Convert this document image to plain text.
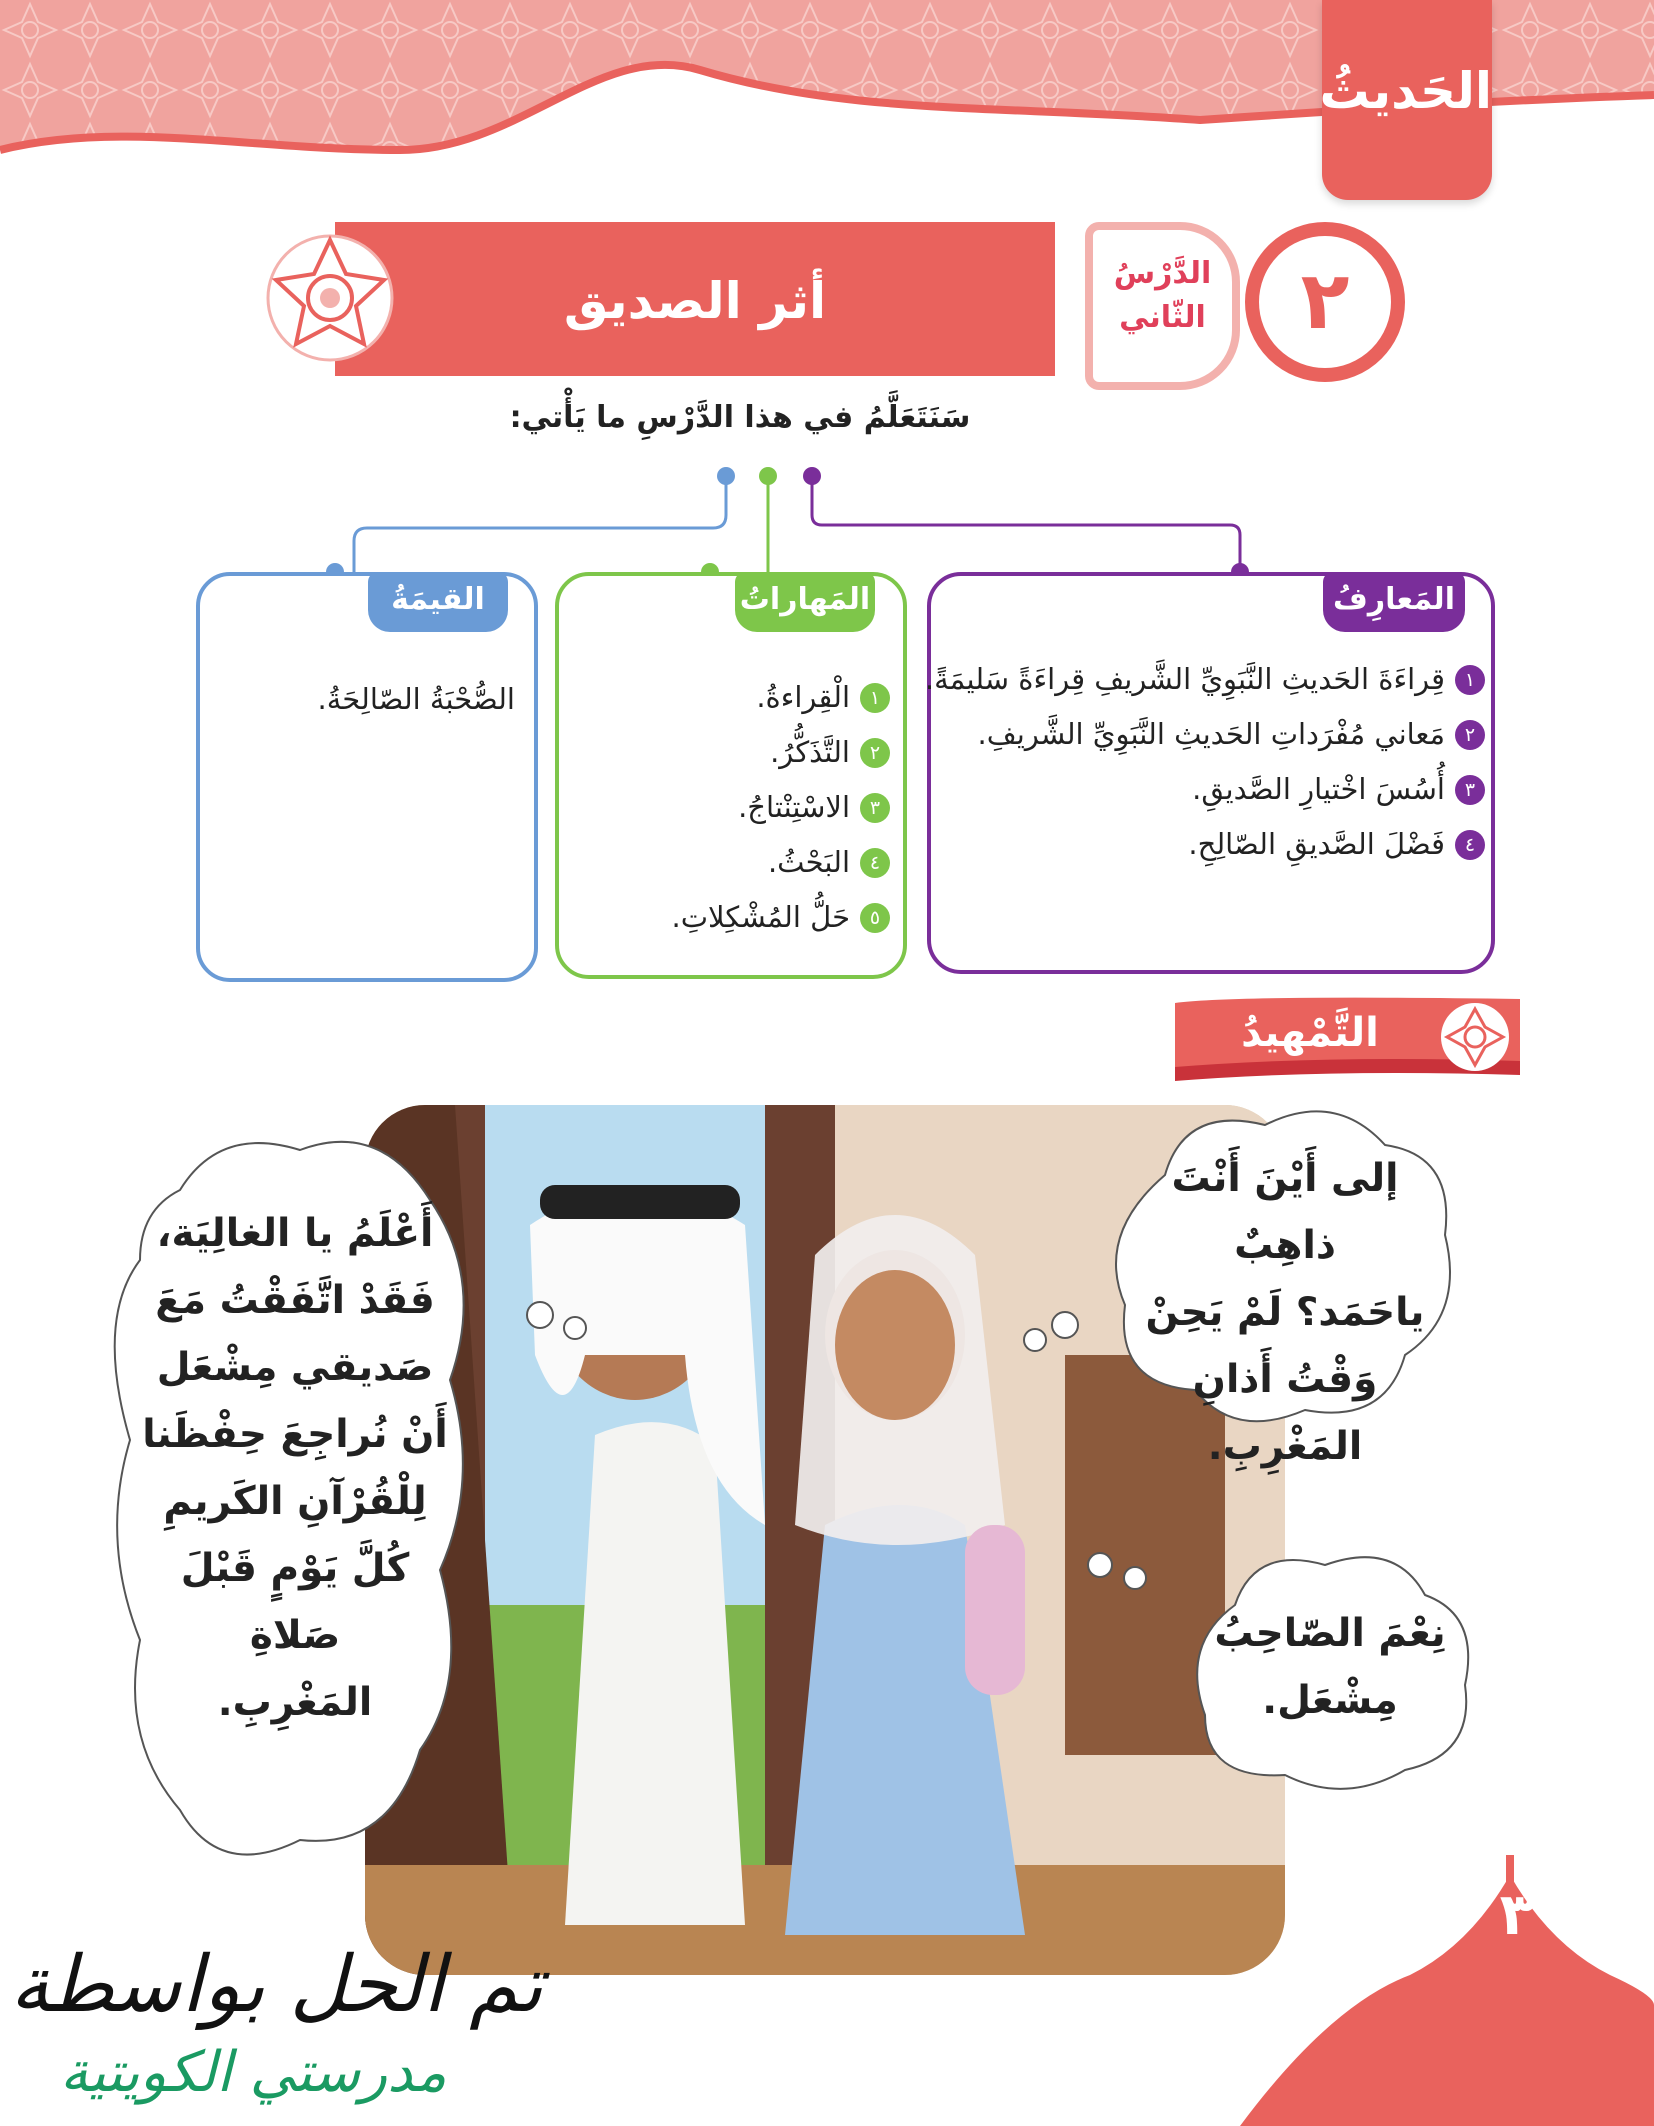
الحَديثُ
أثر الصديق	الدَّرْسُ
الثّاني	٢
سَنَتَعَلَّمُ في هذا الدَّرْسِ ما يَأْتي:
المَعارِفُ
١
قِراءَةَ الحَديثِ النَّبَوِيِّ الشَّريفِ قِراءَةً سَليمَةً.
٢
مَعاني مُفْرَداتِ الحَديثِ النَّبَوِيِّ الشَّريفِ.
٣
أُسُسَ اخْتيارِ الصَّديقِ.
٤
فَضْلَ الصَّديقِ الصّالِحِ.
المَهاراتُ
١
الْقِراءةُ.
٢
التَّذَكُّرُ.
٣
الاسْتِنْتاجُ.
٤
البَحْثُ.
٥
حَلُّ المُشْكِلاتِ.
القيمَةُ
الصُّحْبَةُ الصّالِحَةُ.
التَّمْهيدُ
إلى أَيْنَ أَنْتَ ذاهِبٌ
ياحَمَد؟ لَمْ يَحِنْ
وَقْتُ أَذانِ المَغْرِبِ.
نِعْمَ الصّاحِبُ
مِشْعَل.
أَعْلَمُ يا الغالِيَة،
فَقَدْ اتَّفَقْتُ مَعَ
صَديقي مِشْعَل
أَنْ نُراجِعَ حِفْظَنا
لِلْقُرْآنِ الكَريمِ
كُلَّ يَوْمٍ قَبْلَ صَلاةِ
المَغْرِبِ.
٣٦
تم الحل بواسطة
مدرستي الكويتية
